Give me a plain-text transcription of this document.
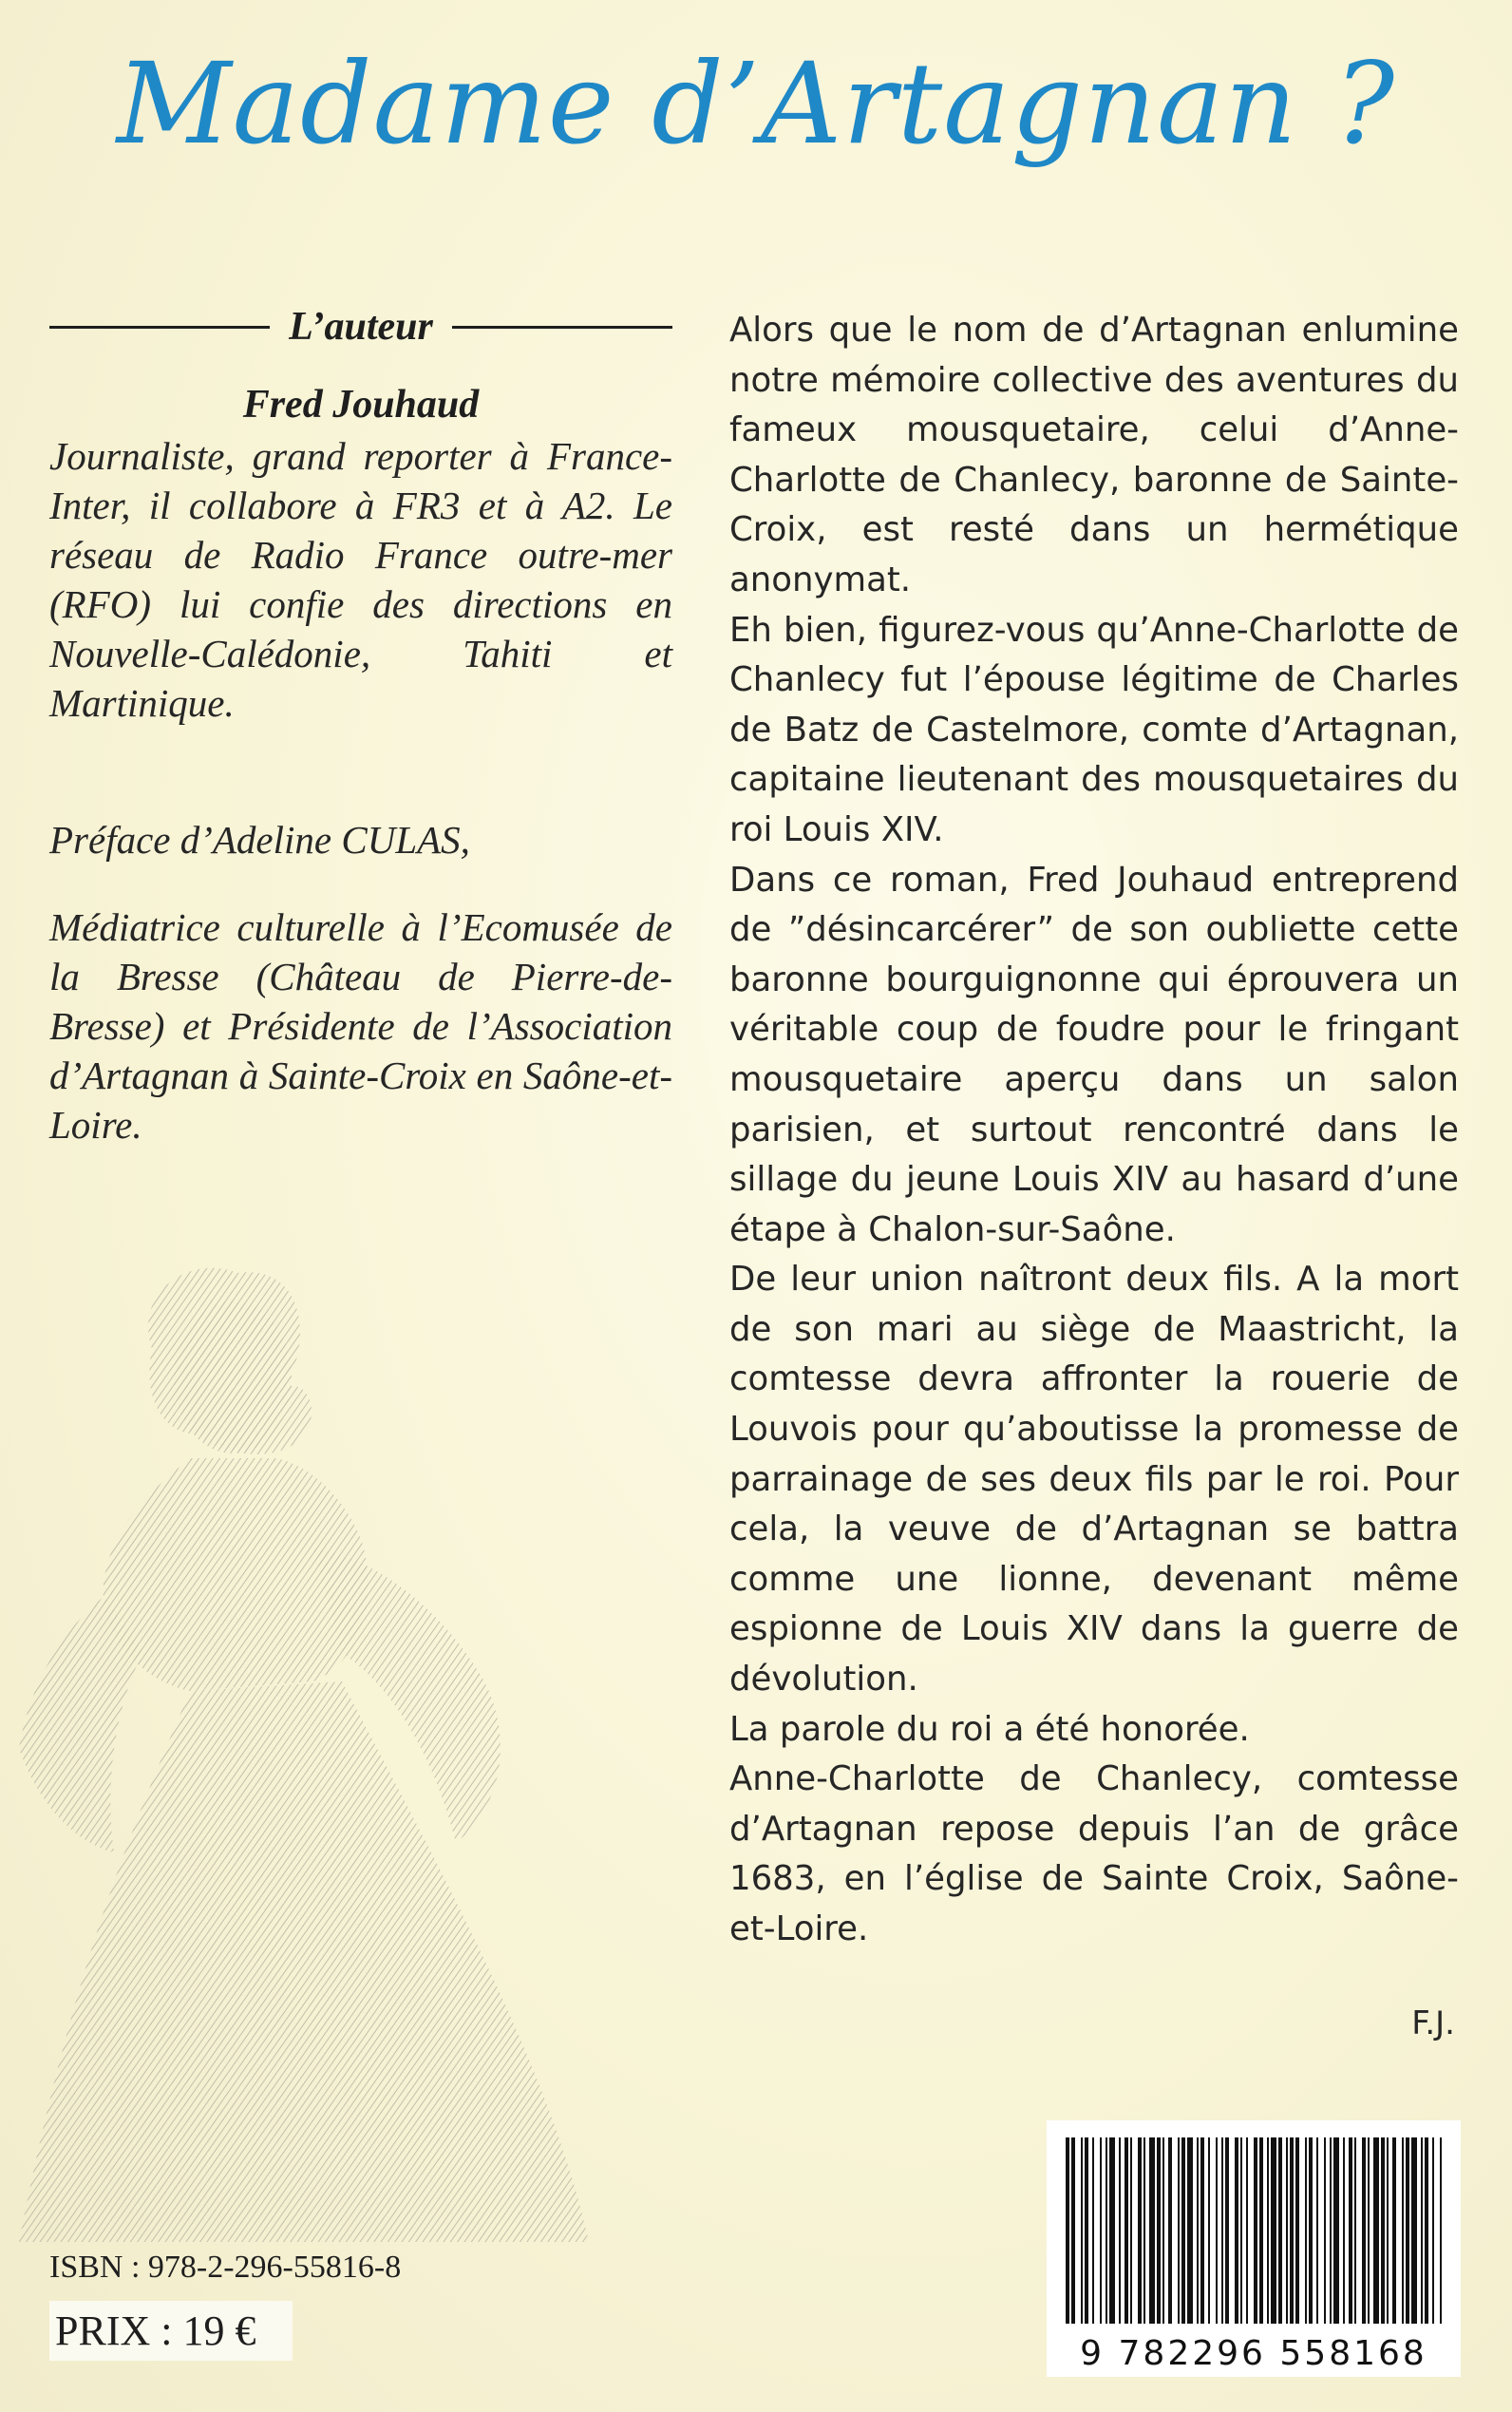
Madame d’Artagnan ?
L’auteur
Fred Jouhaud

Journaliste, grand reporter à France-Inter, il collabore à FR3 et à A2. Le réseau de Radio France outre-mer (RFO) lui confie des directions en Nouvelle-Calédonie, Tahiti et Martinique.

Préface d’Adeline CULAS,

Médiatrice culturelle à l’Ecomusée de la Bresse (Château de Pierre-de-Bresse) et Présidente de l’Association d’Artagnan à Sainte-Croix en Saône-et-Loire.

Alors que le nom de d’Artagnan enlumine notre mémoire collective des aventures du fameux mousquetaire, celui d’Anne-Charlotte de Chanlecy, baronne de Sainte-Croix, est resté dans un hermétique anonymat.

Eh bien, figurez-vous qu’Anne-Charlotte de Chanlecy fut l’épouse légitime de Charles de Batz de Castelmore, comte d’Artagnan, capitaine lieutenant des mousquetaires du roi Louis XIV.

Dans ce roman, Fred Jouhaud entreprend de ”désincarcérer” de son oubliette cette baronne bourguignonne qui éprouvera un véritable coup de foudre pour le fringant mousquetaire aperçu dans un salon parisien, et surtout rencontré dans le sillage du jeune Louis XIV au hasard d’une étape à Chalon-sur-Saône.

De leur union naîtront deux fils. A la mort de son mari au siège de Maastricht, la comtesse devra affronter la rouerie de Louvois pour qu’aboutisse la promesse de parrainage de ses deux fils par le roi. Pour cela, la veuve de d’Artagnan se battra comme une lionne, devenant même espionne de Louis XIV dans la guerre de dévolution.

La parole du roi a été honorée.

Anne-Charlotte de Chanlecy, comtesse d’Artagnan repose depuis l’an de grâce 1683, en l’église de Sainte Croix, Saône-et-Loire.

F.J.
9 782296 558168
ISBN : 978-2-296-55816-8
PRIX : 19 €
